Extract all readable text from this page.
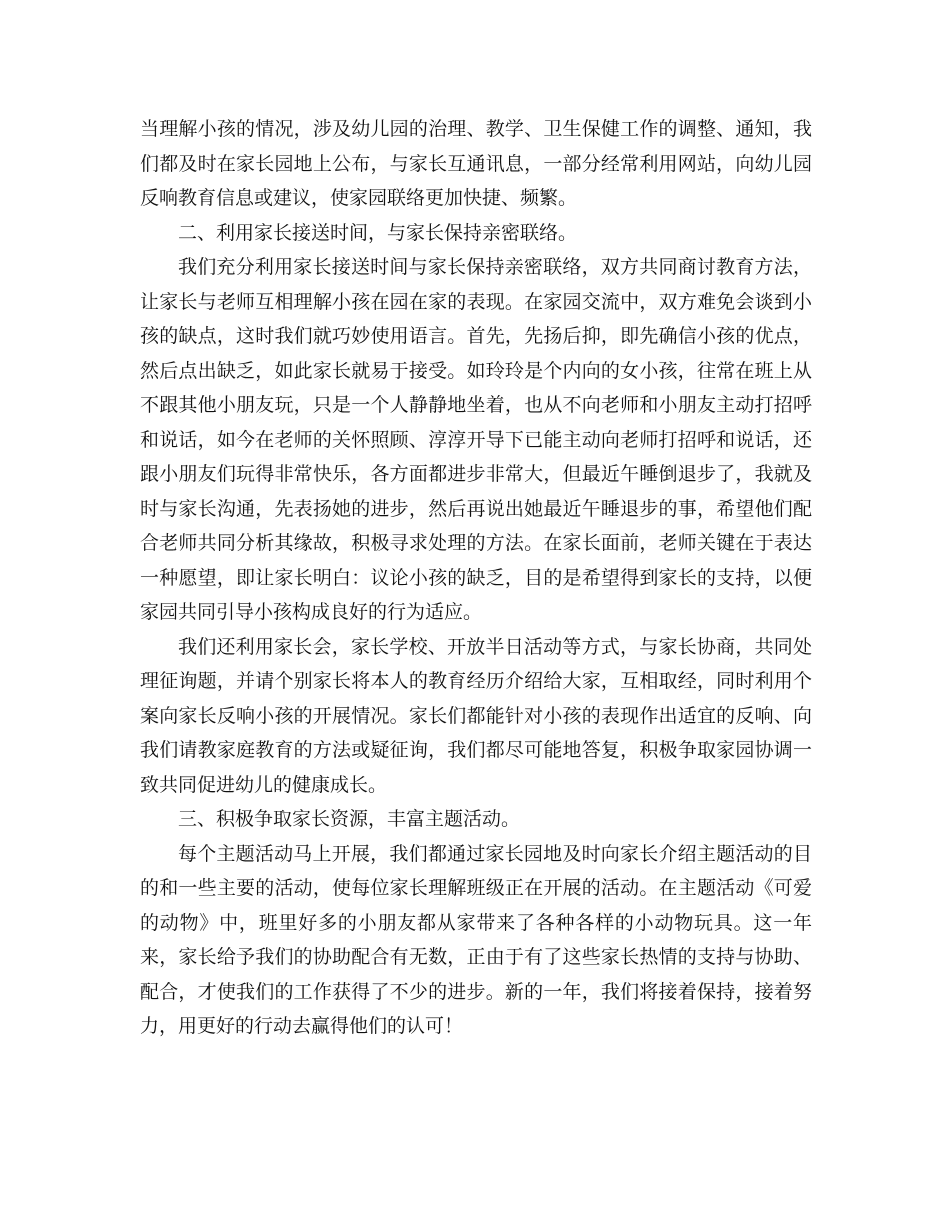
当理解小孩的情况，涉及幼儿园的治理、教学、卫生保健工作的调整、通知，我们都及时在家长园地上公布，与家长互通讯息，一部分经常利用网站，向幼儿园反响教育信息或建议，使家园联络更加快捷、频繁。

二、利用家长接送时间，与家长保持亲密联络。

我们充分利用家长接送时间与家长保持亲密联络，双方共同商讨教育方法，让家长与老师互相理解小孩在园在家的表现。在家园交流中，双方难免会谈到小孩的缺点，这时我们就巧妙使用语言。首先，先扬后抑，即先确信小孩的优点，然后点出缺乏，如此家长就易于接受。如玲玲是个内向的女小孩，往常在班上从不跟其他小朋友玩，只是一个人静静地坐着，也从不向老师和小朋友主动打招呼和说话，如今在老师的关怀照顾、淳淳开导下已能主动向老师打招呼和说话，还跟小朋友们玩得非常快乐，各方面都进步非常大，但最近午睡倒退步了，我就及时与家长沟通，先表扬她的进步，然后再说出她最近午睡退步的事，希望他们配合老师共同分析其缘故，积极寻求处理的方法。在家长面前，老师关键在于表达一种愿望，即让家长明白：议论小孩的缺乏，目的是希望得到家长的支持，以便家园共同引导小孩构成良好的行为适应。

我们还利用家长会，家长学校、开放半日活动等方式，与家长协商，共同处理征询题，并请个别家长将本人的教育经历介绍给大家，互相取经，同时利用个案向家长反响小孩的开展情况。家长们都能针对小孩的表现作出适宜的反响、向我们请教家庭教育的方法或疑征询，我们都尽可能地答复，积极争取家园协调一致共同促进幼儿的健康成长。

三、积极争取家长资源，丰富主题活动。

每个主题活动马上开展，我们都通过家长园地及时向家长介绍主题活动的目的和一些主要的活动，使每位家长理解班级正在开展的活动。在主题活动《可爱的动物》中，班里好多的小朋友都从家带来了各种各样的小动物玩具。这一年来，家长给予我们的协助配合有无数，正由于有了这些家长热情的支持与协助、配合，才使我们的工作获得了不少的进步。新的一年，我们将接着保持，接着努力，用更好的行动去赢得他们的认可！
